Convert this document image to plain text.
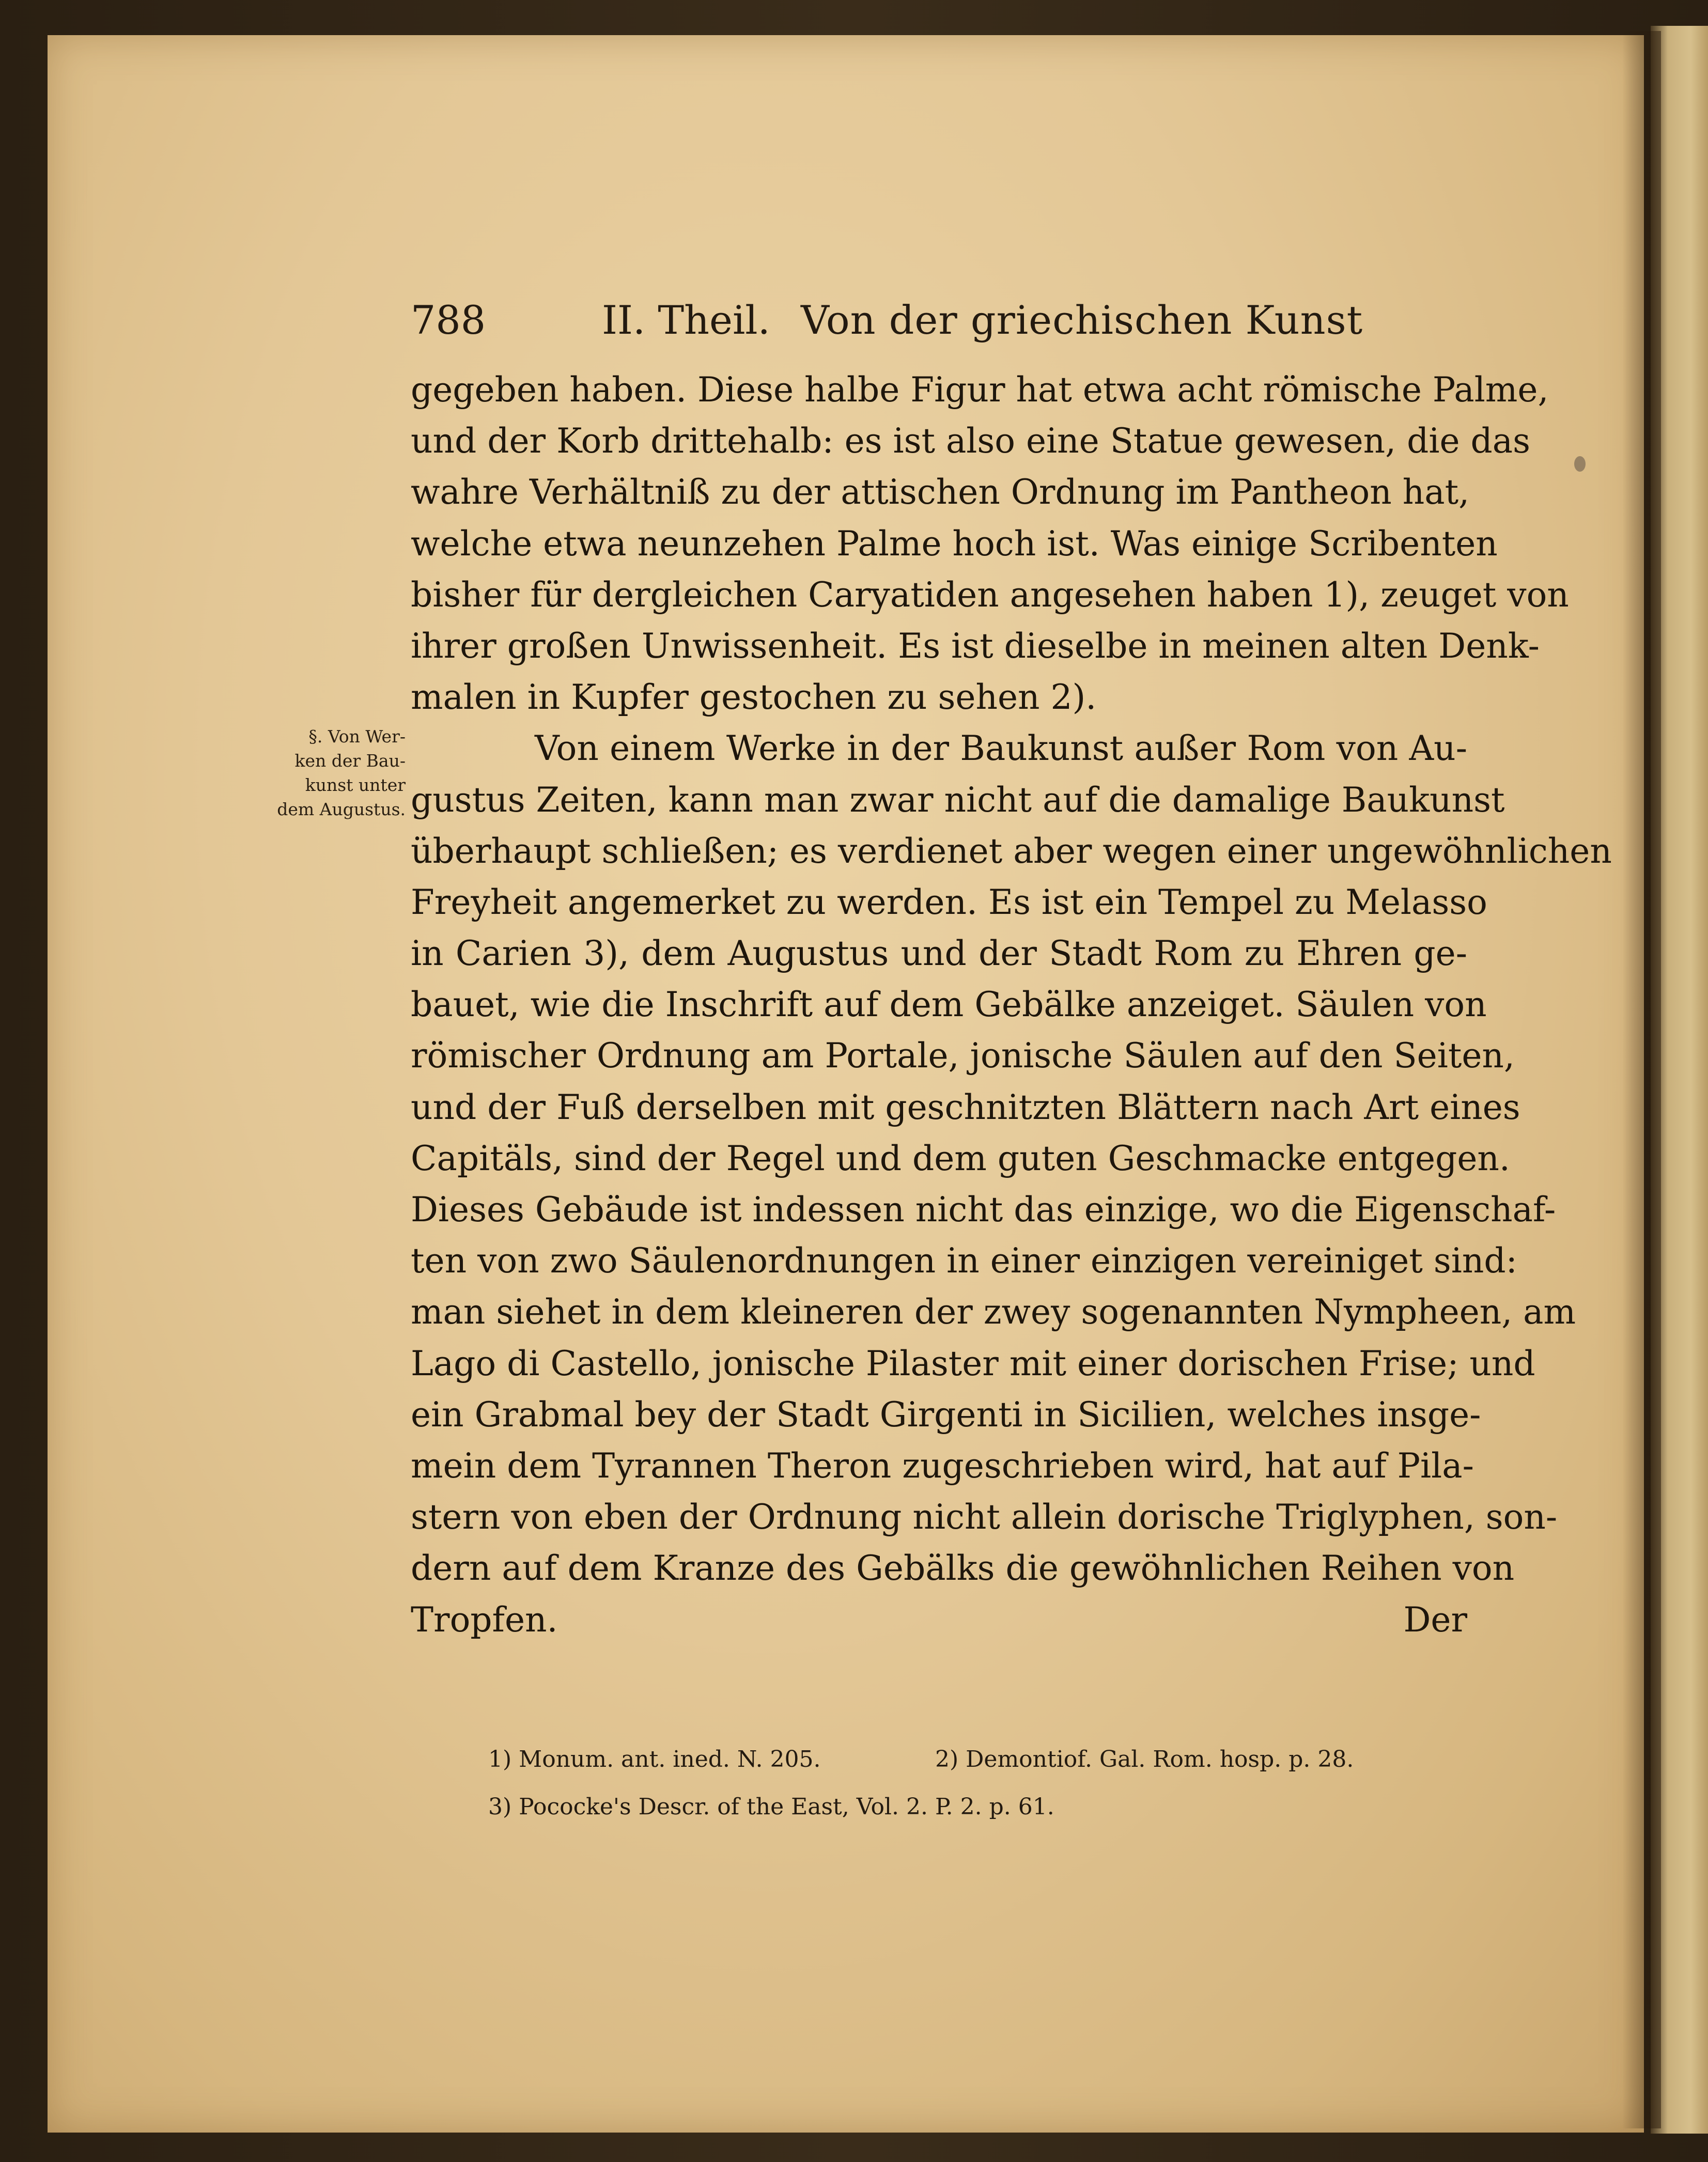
788	II. Theil. Von der griechischen Kunst
§. Von Wer-
ken der Bau-
kunst unter
dem Augustus.
gegeben haben. Diese halbe Figur hat etwa acht römische Palme,
und der Korb drittehalb: es ist also eine Statue gewesen, die das
wahre Verhältniß zu der attischen Ordnung im Pantheon hat,
welche etwa neunzehen Palme hoch ist. Was einige Scribenten
bisher für dergleichen Caryatiden angesehen haben 1), zeuget von
ihrer großen Unwissenheit. Es ist dieselbe in meinen alten Denk-
malen in Kupfer gestochen zu sehen 2).
Von einem Werke in der Baukunst außer Rom von Au-
gustus Zeiten, kann man zwar nicht auf die damalige Baukunst
überhaupt schließen; es verdienet aber wegen einer ungewöhnlichen
Freyheit angemerket zu werden. Es ist ein Tempel zu Melasso
in Carien 3), dem Augustus und der Stadt Rom zu Ehren ge-
bauet, wie die Inschrift auf dem Gebälke anzeiget. Säulen von
römischer Ordnung am Portale, jonische Säulen auf den Seiten,
und der Fuß derselben mit geschnitzten Blättern nach Art eines
Capitäls, sind der Regel und dem guten Geschmacke entgegen.
Dieses Gebäude ist indessen nicht das einzige, wo die Eigenschaf-
ten von zwo Säulenordnungen in einer einzigen vereiniget sind:
man siehet in dem kleineren der zwey sogenannten Nympheen, am
Lago di Castello, jonische Pilaster mit einer dorischen Frise; und
ein Grabmal bey der Stadt Girgenti in Sicilien, welches insge-
mein dem Tyrannen Theron zugeschrieben wird, hat auf Pila-
stern von eben der Ordnung nicht allein dorische Triglyphen, son-
dern auf dem Kranze des Gebälks die gewöhnlichen Reihen von
Tropfen.	Der
1) Monum. ant. ined. N. 205.	2) Demontiof. Gal. Rom. hosp. p. 28.
3) Pococke's Descr. of the East, Vol. 2. P. 2. p. 61.
